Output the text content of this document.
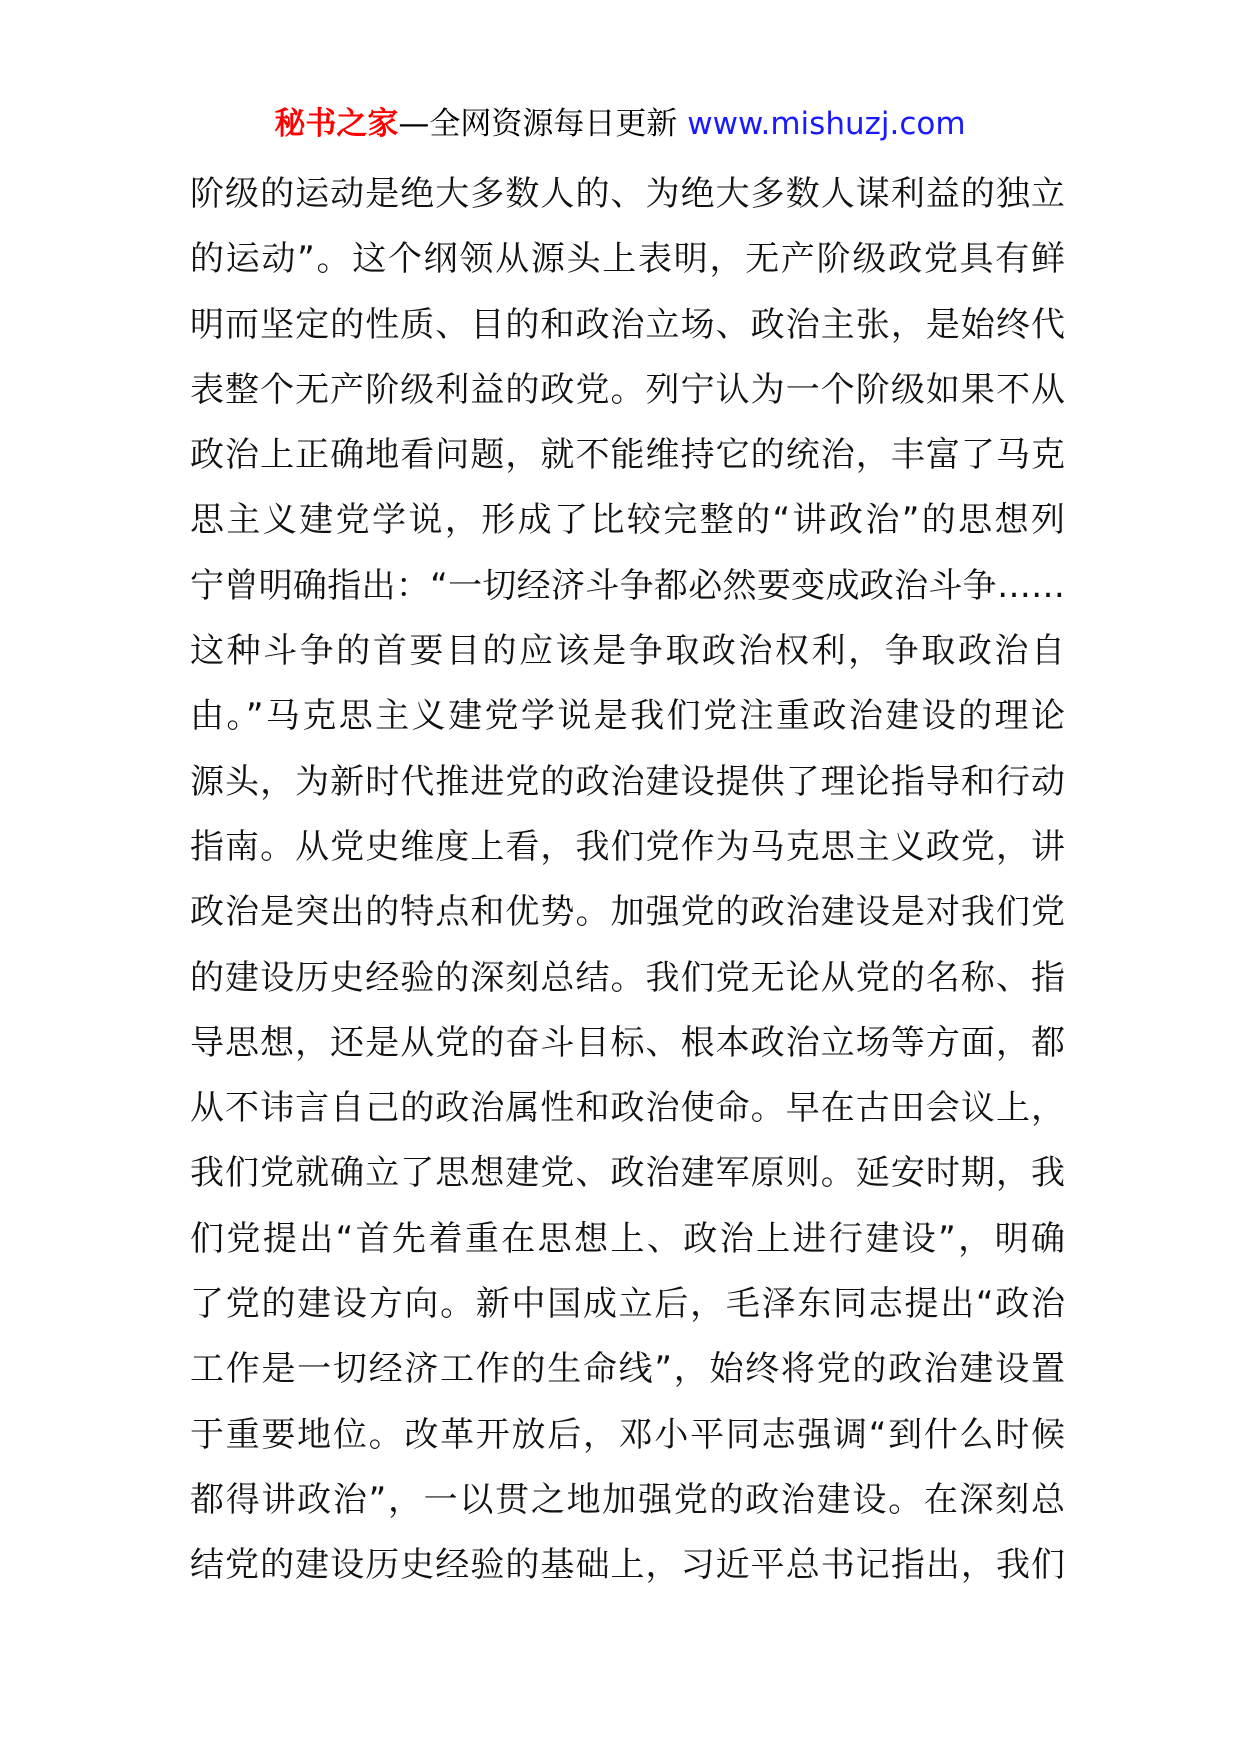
秘书之家—全网资源每日更新 www.mishuzj.com
阶级的运动是绝大多数人的、为绝大多数人谋利益的独立
的运动”。这个纲领从源头上表明，无产阶级政党具有鲜
明而坚定的性质、目的和政治立场、政治主张，是始终代
表整个无产阶级利益的政党。列宁认为一个阶级如果不从
政治上正确地看问题，就不能维持它的统治，丰富了马克
思主义建党学说，形成了比较完整的“讲政治”的思想列
宁曾明确指出：“一切经济斗争都必然要变成政治斗争……
这种斗争的首要目的应该是争取政治权利，争取政治自
由。”马克思主义建党学说是我们党注重政治建设的理论
源头，为新时代推进党的政治建设提供了理论指导和行动
指南。从党史维度上看，我们党作为马克思主义政党，讲
政治是突出的特点和优势。加强党的政治建设是对我们党
的建设历史经验的深刻总结。我们党无论从党的名称、指
导思想，还是从党的奋斗目标、根本政治立场等方面，都
从不讳言自己的政治属性和政治使命。早在古田会议上，
我们党就确立了思想建党、政治建军原则。延安时期，我
们党提出“首先着重在思想上、政治上进行建设”，明确
了党的建设方向。新中国成立后，毛泽东同志提出“政治
工作是一切经济工作的生命线”，始终将党的政治建设置
于重要地位。改革开放后，邓小平同志强调“到什么时候
都得讲政治”，一以贯之地加强党的政治建设。在深刻总
结党的建设历史经验的基础上，习近平总书记指出，我们
